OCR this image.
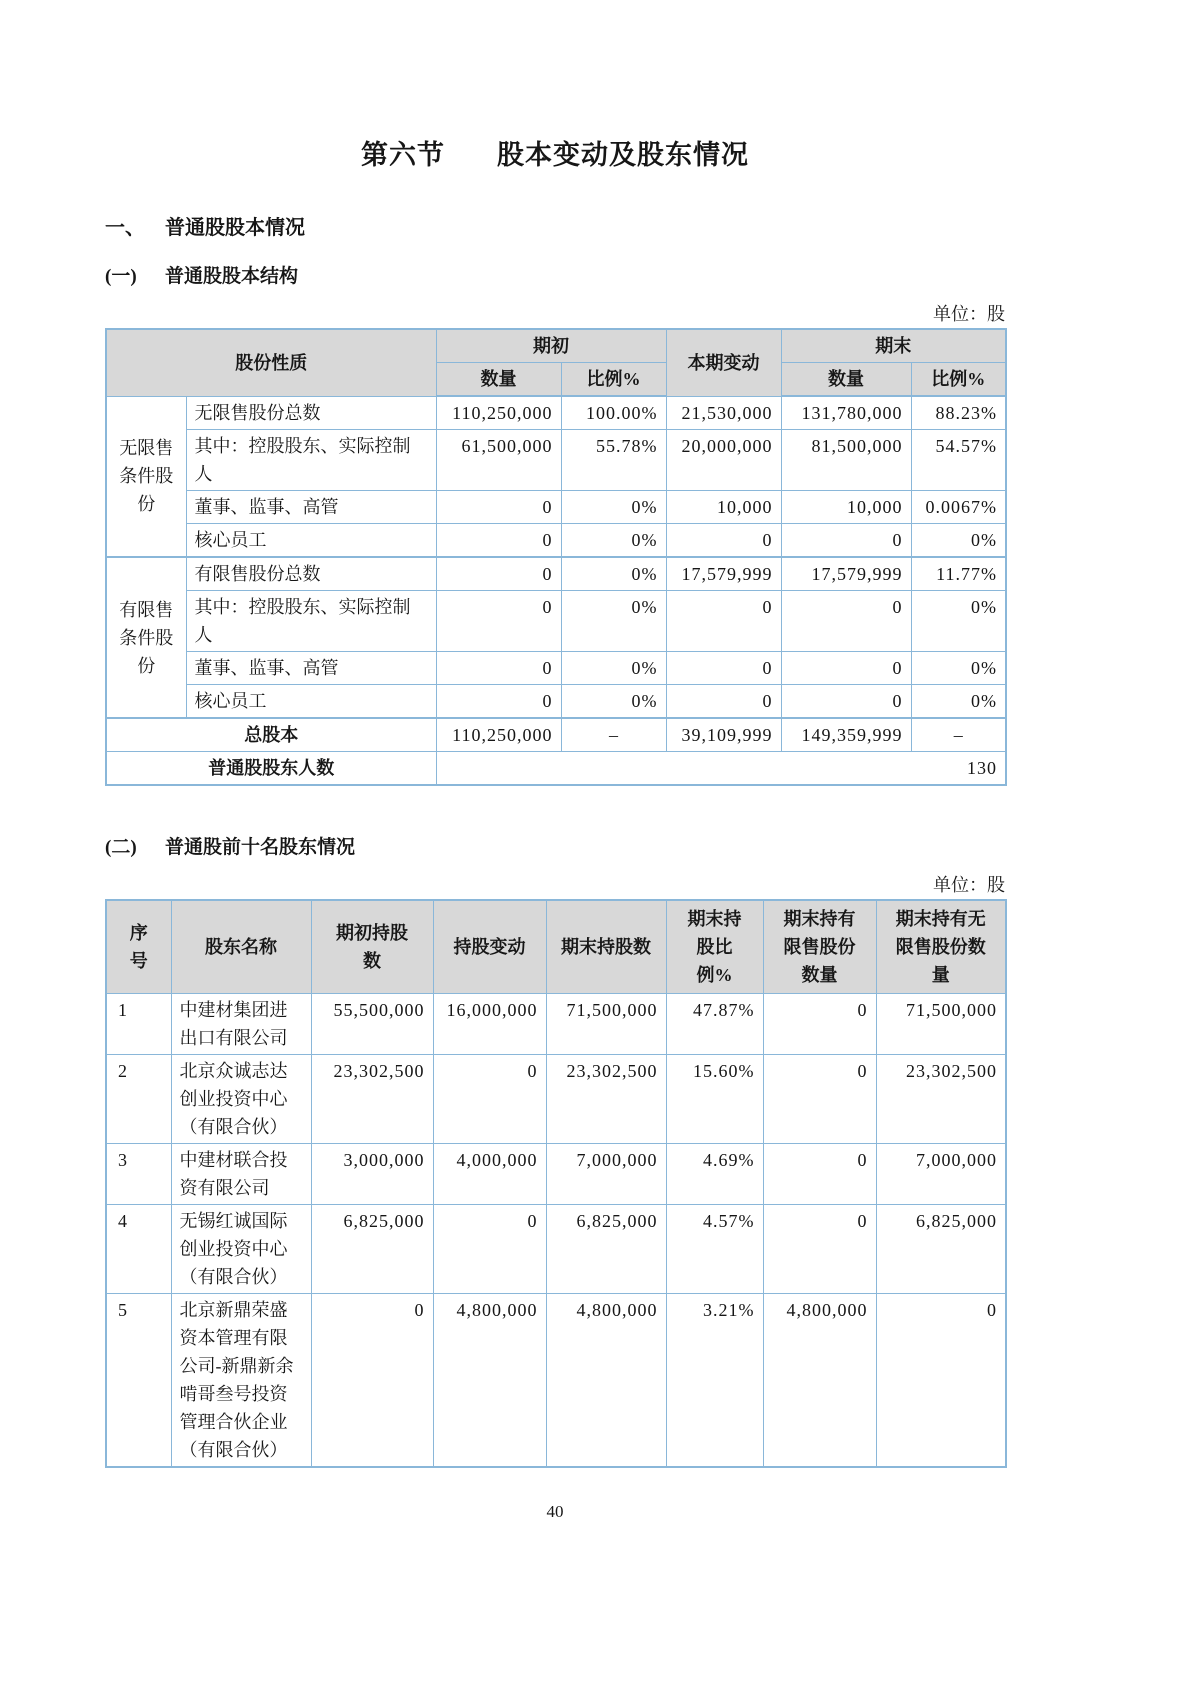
第六节 股本变动及股东情况
一、	普通股股本情况
(一)	普通股股本结构
单位：股
股份性质		期初		本期变动	期末	
		数量	比例%		数量	比例%
无限售条件股份	无限售股份总数	110,250,000	100.00%	21,530,000	131,780,000	88.23%
	其中：控股股东、实际控制人	61,500,000	55.78%	20,000,000	81,500,000	54.57%
	董事、监事、高管	0	0%	10,000	10,000	0.0067%
	核心员工	0	0%	0	0	0%
有限售条件股份	有限售股份总数	0	0%	17,579,999	17,579,999	11.77%
	其中：控股股东、实际控制人	0	0%	0	0	0%
	董事、监事、高管	0	0%	0	0	0%
	核心员工	0	0%	0	0	0%
总股本		110,250,000	–	39,109,999	149,359,999	–
普通股股东人数		130				
(二)	普通股前十名股东情况
单位：股
序号	股东名称	期初持股数	持股变动	期末持股数	期末持股比例%	期末持有限售股份数量	期末持有无限售股份数量
1	中建材集团进出口有限公司	55,500,000	16,000,000	71,500,000	47.87%	0	71,500,000
2	北京众诚志达创业投资中心（有限合伙）	23,302,500	0	23,302,500	15.60%	0	23,302,500
3	中建材联合投资有限公司	3,000,000	4,000,000	7,000,000	4.69%	0	7,000,000
4	无锡红诚国际创业投资中心（有限合伙）	6,825,000	0	6,825,000	4.57%	0	6,825,000
5	北京新鼎荣盛资本管理有限公司-新鼎新余啃哥叁号投资管理合伙企业（有限合伙）	0	4,800,000	4,800,000	3.21%	4,800,000	0
40
